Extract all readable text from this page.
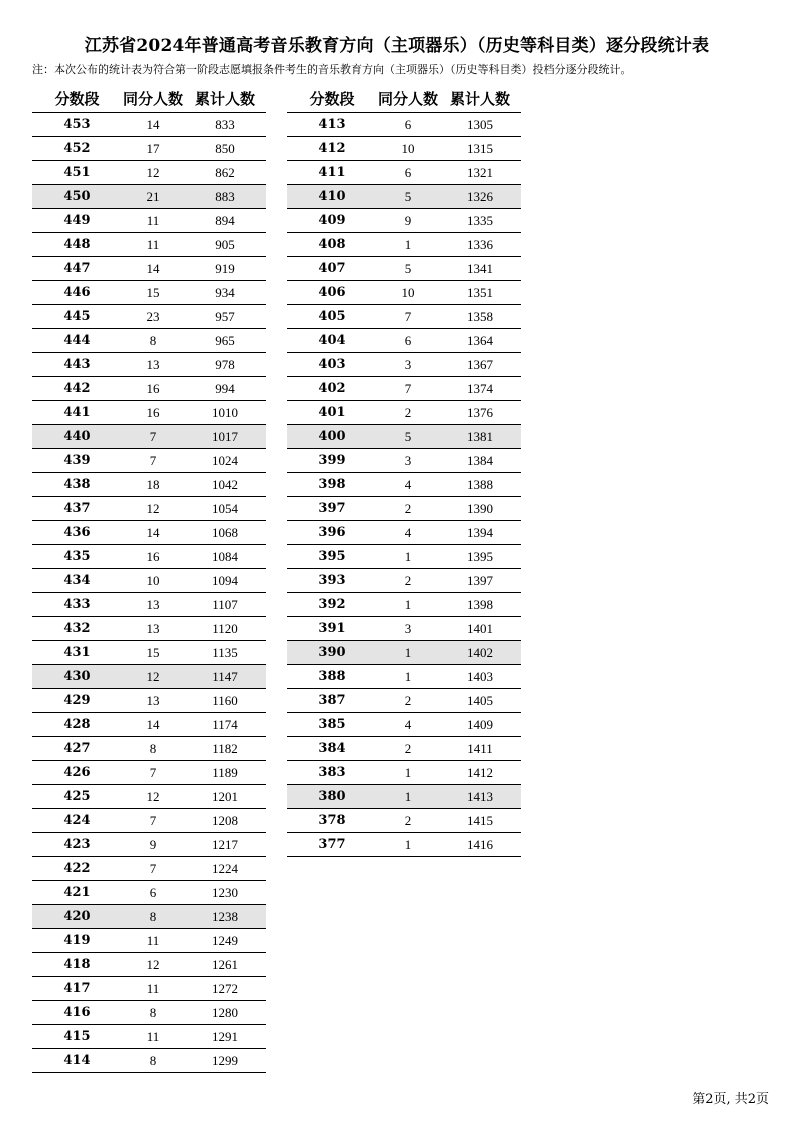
江苏省2024年普通高考音乐教育方向（主项器乐）（历史等科目类）逐分段统计表
注：本次公布的统计表为符合第一阶段志愿填报条件考生的音乐教育方向（主项器乐）（历史等科目类）投档分逐分段统计。
分数段	同分人数 累计人数
453	14	833
452	17	850
451	12	862
450	21	883
449	11	894
448	11	905
447	14	919
446	15	934
445	23	957
444	8	965
443	13	978
442	16	994
441	16	1010
440	7	1017
439	7	1024
438	18	1042
437	12	1054
436	14	1068
435	16	1084
434	10	1094
433	13	1107
432	13	1120
431	15	1135
430	12	1147
429	13	1160
428	14	1174
427	8	1182
426	7	1189
425	12	1201
424	7	1208
423	9	1217
422	7	1224
421	6	1230
420	8	1238
419	11	1249
418	12	1261
417	11	1272
416	8	1280
415	11	1291
414	8	1299
分数段	同分人数 累计人数
413	6	1305
412	10	1315
411	6	1321
410	5	1326
409	9	1335
408	1	1336
407	5	1341
406	10	1351
405	7	1358
404	6	1364
403	3	1367
402	7	1374
401	2	1376
400	5	1381
399	3	1384
398	4	1388
397	2	1390
396	4	1394
395	1	1395
393	2	1397
392	1	1398
391	3	1401
390	1	1402
388	1	1403
387	2	1405
385	4	1409
384	2	1411
383	1	1412
380	1	1413
378	2	1415
377	1	1416
第2页, 共2页
